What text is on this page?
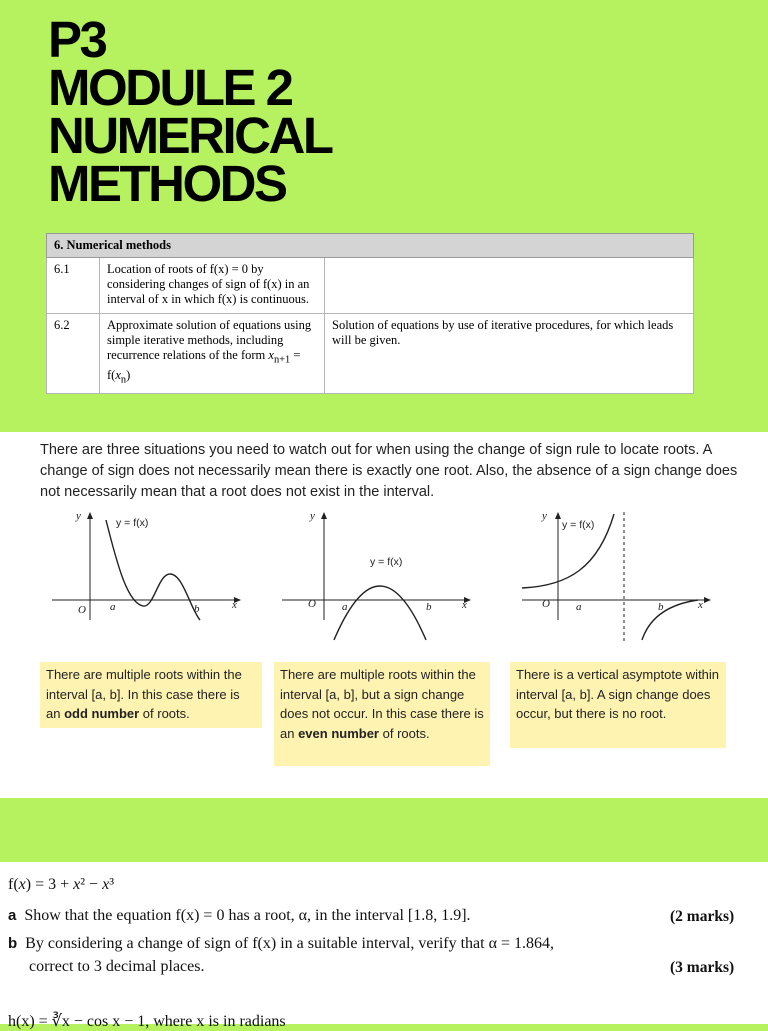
P3
MODULE 2
NUMERICAL
METHODS
6. Numerical methods		
6.1	Location of roots of f(x) = 0 by considering changes of sign of f(x) in an interval of x in which f(x) is continuous.	
6.2	Approximate solution of equations using simple iterative methods, including recurrence relations of the form $x_{n+1} = f(x_n)$	Solution of equations by use of iterative procedures, for which leads will be given.

There are three situations you need to watch out for when using the change of sign rule to locate roots. A change of sign does not necessarily mean there is exactly one root. Also, the absence of a sign change does not necessarily mean that a root does not exist in the interval.

y
x
O a	b
y = f(x)
y
x
O a	b
y = f(x)
y
x
O a	b
y = f(x)
There are multiple roots within the interval [a, b]. In this case there is an odd number of roots.
There are multiple roots within the interval [a, b], but a sign change does not occur. In this case there is an even number of roots.
There is a vertical asymptote within interval [a, b]. A sign change does occur, but there is no root.
f(x) = 3 + x² − x³
a Show that the equation f(x) = 0 has a root, α, in the interval [1.8, 1.9].	(2 marks)
b By considering a change of sign of f(x) in a suitable interval, verify that α = 1.864,
correct to 3 decimal places.	(3 marks)
h(x) = ∛x − cos x − 1, where x is in radians
